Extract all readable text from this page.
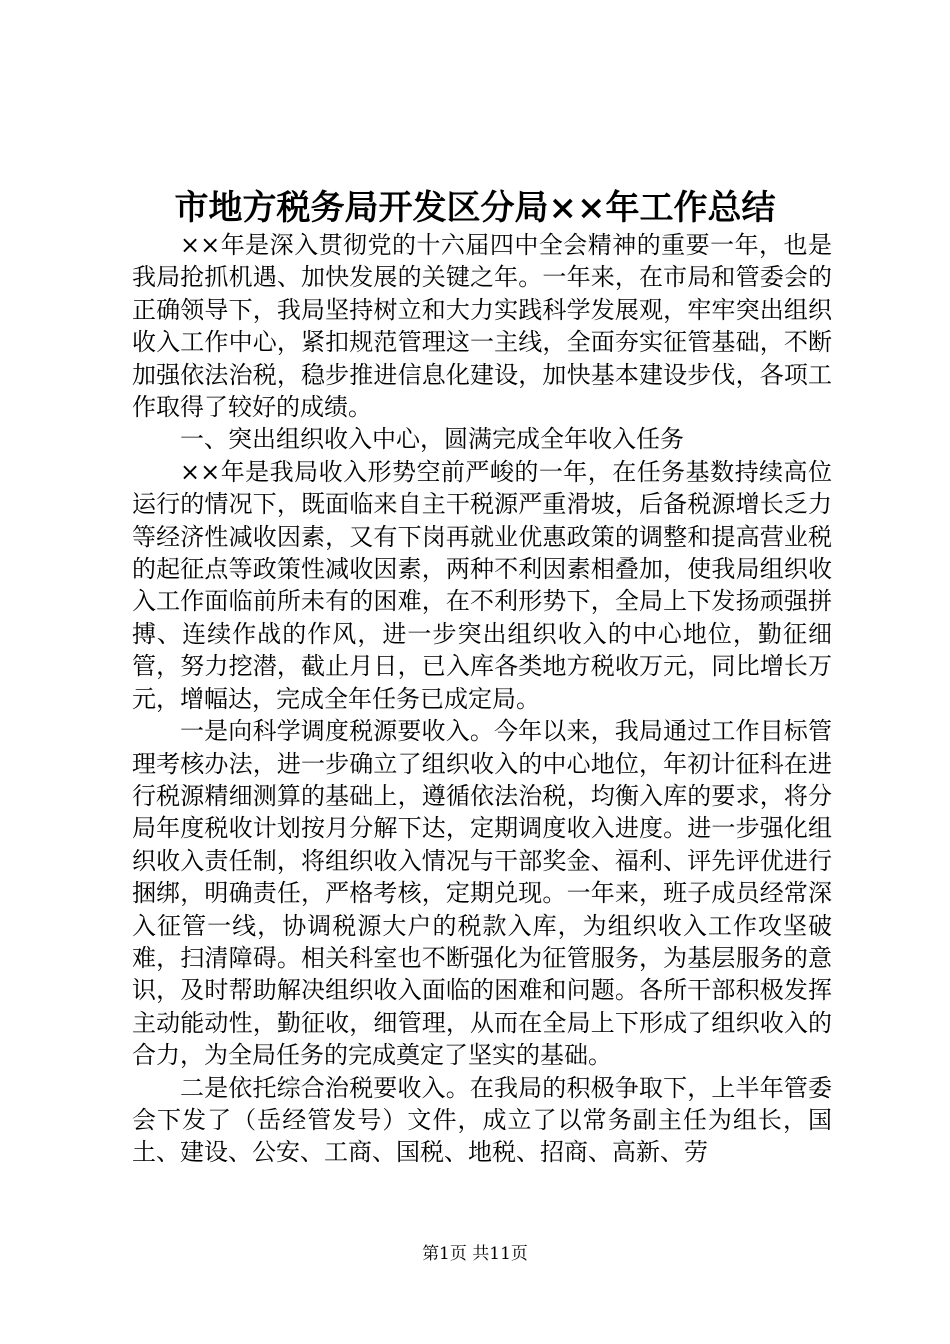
市地方税务局开发区分局××年工作总结

××年是深入贯彻党的十六届四中全会精神的重要一年，也是我局抢抓机遇、加快发展的关键之年。一年来，在市局和管委会的正确领导下，我局坚持树立和大力实践科学发展观，牢牢突出组织收入工作中心，紧扣规范管理这一主线，全面夯实征管基础，不断加强依法治税，稳步推进信息化建设，加快基本建设步伐，各项工作取得了较好的成绩。

一、突出组织收入中心，圆满完成全年收入任务

××年是我局收入形势空前严峻的一年，在任务基数持续高位运行的情况下，既面临来自主干税源严重滑坡，后备税源增长乏力等经济性减收因素，又有下岗再就业优惠政策的调整和提高营业税的起征点等政策性减收因素，两种不利因素相叠加，使我局组织收入工作面临前所未有的困难，在不利形势下，全局上下发扬顽强拼搏、连续作战的作风，进一步突出组织收入的中心地位，勤征细管，努力挖潜，截止月日，已入库各类地方税收万元，同比增长万元，增幅达，完成全年任务已成定局。

一是向科学调度税源要收入。今年以来，我局通过工作目标管理考核办法，进一步确立了组织收入的中心地位，年初计征科在进行税源精细测算的基础上，遵循依法治税，均衡入库的要求，将分局年度税收计划按月分解下达，定期调度收入进度。进一步强化组织收入责任制，将组织收入情况与干部奖金、福利、评先评优进行捆绑，明确责任，严格考核，定期兑现。一年来，班子成员经常深入征管一线，协调税源大户的税款入库，为组织收入工作攻坚破难，扫清障碍。相关科室也不断强化为征管服务，为基层服务的意识，及时帮助解决组织收入面临的困难和问题。各所干部积极发挥主动能动性，勤征收，细管理，从而在全局上下形成了组织收入的合力，为全局任务的完成奠定了坚实的基础。

二是依托综合治税要收入。在我局的积极争取下，上半年管委会下发了（岳经管发号）文件，成立了以常务副主任为组长，国土、建设、公安、工商、国税、地税、招商、高新、劳

第1页 共11页
